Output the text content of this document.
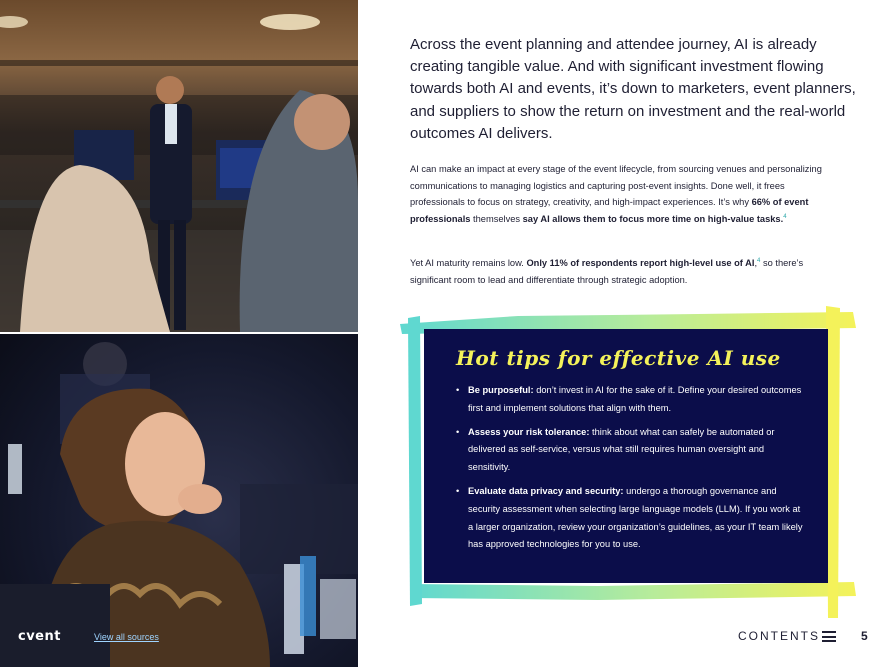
cvent	View all sources

Across the event planning and attendee journey, AI is already creating tangible value. And with significant investment flowing towards both AI and events, it’s down to marketers, event planners, and suppliers to show the return on investment and the real-world outcomes AI delivers.

AI can make an impact at every stage of the event lifecycle, from sourcing venues and personalizing communications to managing logistics and capturing post-event insights. Done well, it frees professionals to focus on strategy, creativity, and high-impact experiences. It’s why 66% of event professionals themselves say AI allows them to focus more time on high-value tasks.$^4$

Yet AI maturity remains low. Only 11% of respondents report high-level use of AI,$^4$ so there’s significant room to lead and differentiate through strategic adoption.

Hot tips for effective AI use
• Be purposeful: don’t invest in AI for the sake of it. Define your desired outcomes first and implement solutions that align with them.
• Assess your risk tolerance: think about what can safely be automated or delivered as self-service, versus what still requires human oversight and sensitivity.
• Evaluate data privacy and security: undergo a thorough governance and security assessment when selecting large language models (LLM). If you work at a larger organization, review your organization’s guidelines, as your IT team likely has approved technologies for you to use.
CONTENTS	5
